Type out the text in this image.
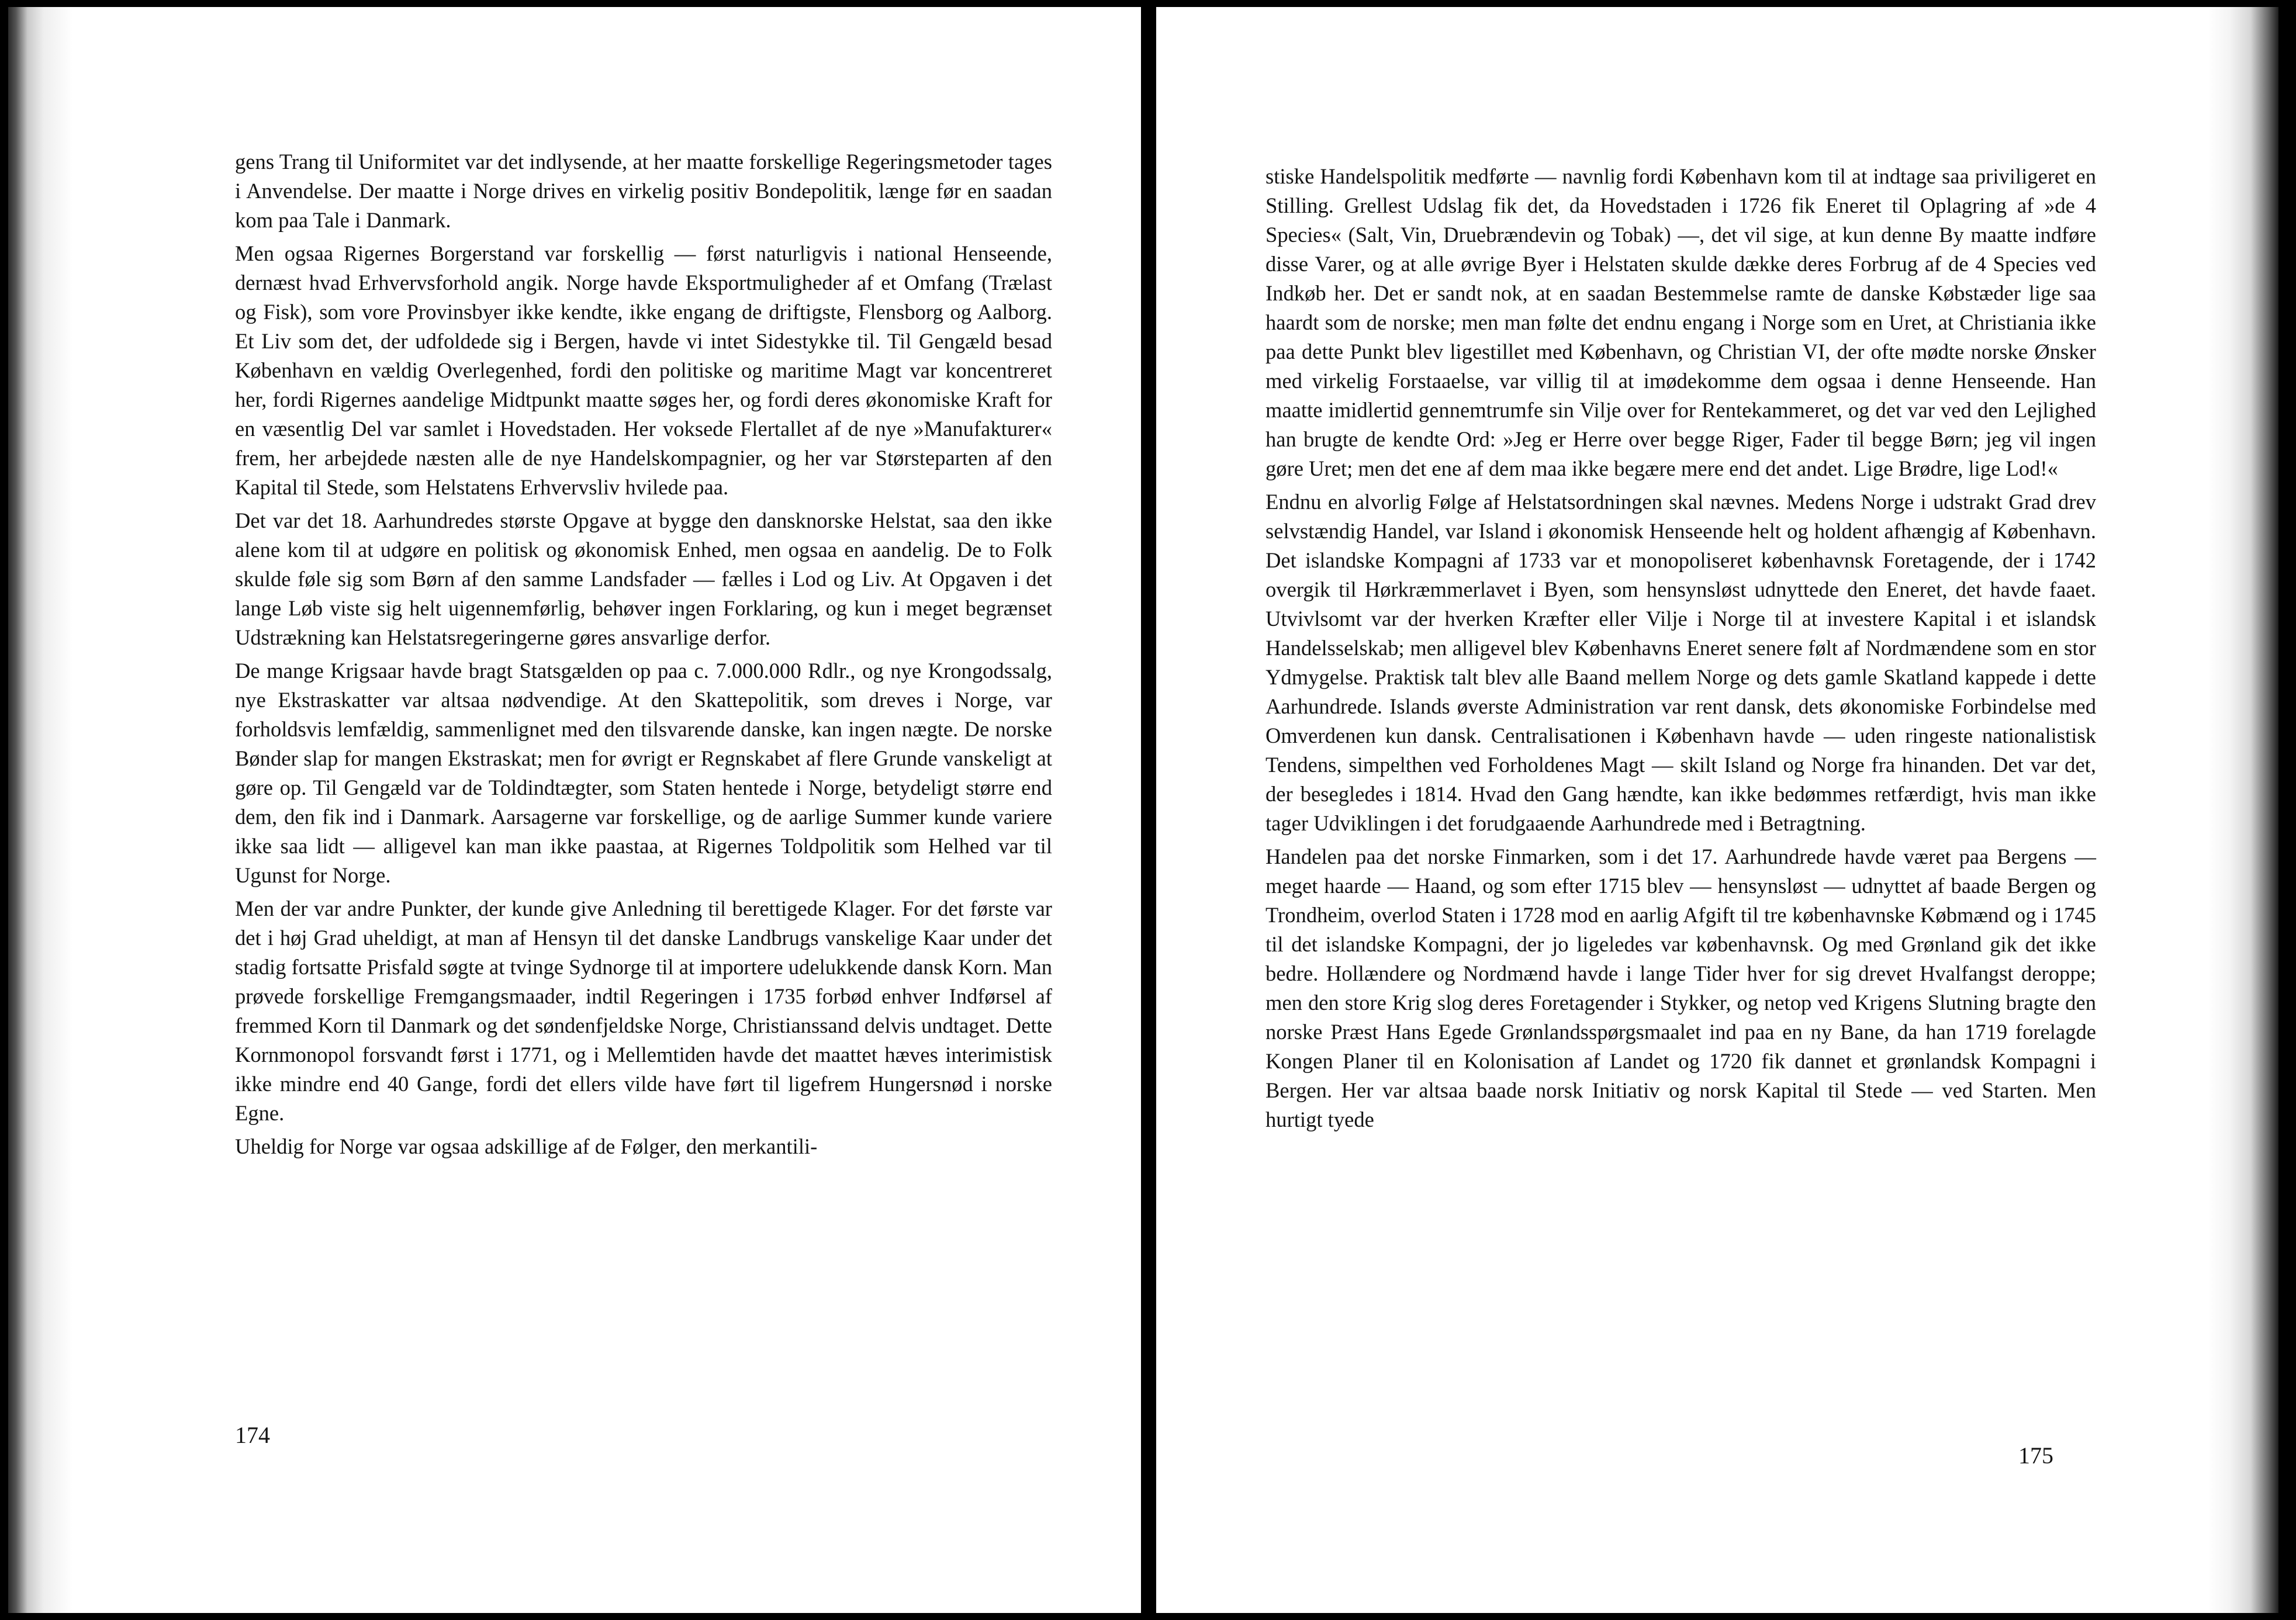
gens Trang til Uniformitet var det indlysende, at her maatte forskellige Regeringsmetoder tages i Anvendelse. Der maatte i Norge drives en virkelig positiv Bondepolitik, længe før en saadan kom paa Tale i Danmark.

Men ogsaa Rigernes Borgerstand var forskellig — først naturligvis i national Henseende, dernæst hvad Erhvervsforhold angik. Norge havde Eksportmuligheder af et Omfang (Trælast og Fisk), som vore Provinsbyer ikke kendte, ikke engang de driftigste, Flensborg og Aalborg. Et Liv som det, der udfoldede sig i Bergen, havde vi intet Sidestykke til. Til Gengæld besad København en vældig Overlegenhed, fordi den politiske og maritime Magt var koncentreret her, fordi Rigernes aandelige Midtpunkt maatte søges her, og fordi deres økonomiske Kraft for en væsentlig Del var samlet i Hovedstaden. Her voksede Flertallet af de nye »Manufakturer« frem, her arbejdede næsten alle de nye Handelskompagnier, og her var Størsteparten af den Kapital til Stede, som Helstatens Erhvervsliv hvilede paa.

Det var det 18. Aarhundredes største Opgave at bygge den dansknorske Helstat, saa den ikke alene kom til at udgøre en politisk og økonomisk Enhed, men ogsaa en aandelig. De to Folk skulde føle sig som Børn af den samme Landsfader — fælles i Lod og Liv. At Opgaven i det lange Løb viste sig helt uigennemførlig, behøver ingen Forklaring, og kun i meget begrænset Udstrækning kan Helstatsregeringerne gøres ansvarlige derfor.

De mange Krigsaar havde bragt Statsgælden op paa c. 7.000.000 Rdlr., og nye Krongodssalg, nye Ekstraskatter var altsaa nødvendige. At den Skattepolitik, som dreves i Norge, var forholdsvis lemfældig, sammenlignet med den tilsvarende danske, kan ingen nægte. De norske Bønder slap for mangen Ekstraskat; men for øvrigt er Regnskabet af flere Grunde vanskeligt at gøre op. Til Gengæld var de Toldindtægter, som Staten hentede i Norge, betydeligt større end dem, den fik ind i Danmark. Aarsagerne var forskellige, og de aarlige Summer kunde variere ikke saa lidt — alligevel kan man ikke paastaa, at Rigernes Toldpolitik som Helhed var til Ugunst for Norge.

Men der var andre Punkter, der kunde give Anledning til berettigede Klager. For det første var det i høj Grad uheldigt, at man af Hensyn til det danske Landbrugs vanskelige Kaar under det stadig fortsatte Prisfald søgte at tvinge Sydnorge til at importere udelukkende dansk Korn. Man prøvede forskellige Fremgangsmaader, indtil Regeringen i 1735 forbød enhver Indførsel af fremmed Korn til Danmark og det søndenfjeldske Norge, Christianssand delvis undtaget. Dette Kornmonopol forsvandt først i 1771, og i Mellemtiden havde det maattet hæves interimistisk ikke mindre end 40 Gange, fordi det ellers vilde have ført til ligefrem Hungersnød i norske Egne.

Uheldig for Norge var ogsaa adskillige af de Følger, den merkantili-

174

stiske Handelspolitik medførte — navnlig fordi København kom til at indtage saa priviligeret en Stilling. Grellest Udslag fik det, da Hovedstaden i 1726 fik Eneret til Oplagring af »de 4 Species« (Salt, Vin, Druebrændevin og Tobak) —, det vil sige, at kun denne By maatte indføre disse Varer, og at alle øvrige Byer i Helstaten skulde dække deres Forbrug af de 4 Species ved Indkøb her. Det er sandt nok, at en saadan Bestemmelse ramte de danske Købstæder lige saa haardt som de norske; men man følte det endnu engang i Norge som en Uret, at Christiania ikke paa dette Punkt blev ligestillet med København, og Christian VI, der ofte mødte norske Ønsker med virkelig Forstaaelse, var villig til at imødekomme dem ogsaa i denne Henseende. Han maatte imidlertid gennemtrumfe sin Vilje over for Rentekammeret, og det var ved den Lejlighed han brugte de kendte Ord: »Jeg er Herre over begge Riger, Fader til begge Børn; jeg vil ingen gøre Uret; men det ene af dem maa ikke begære mere end det andet. Lige Brødre, lige Lod!«

Endnu en alvorlig Følge af Helstatsordningen skal nævnes. Medens Norge i udstrakt Grad drev selvstændig Handel, var Island i økonomisk Henseende helt og holdent afhængig af København. Det islandske Kompagni af 1733 var et monopoliseret københavnsk Foretagende, der i 1742 overgik til Hørkræmmerlavet i Byen, som hensynsløst udnyttede den Eneret, det havde faaet. Utvivlsomt var der hverken Kræfter eller Vilje i Norge til at investere Kapital i et islandsk Handelsselskab; men alligevel blev Københavns Eneret senere følt af Nordmændene som en stor Ydmygelse. Praktisk talt blev alle Baand mellem Norge og dets gamle Skatland kappede i dette Aarhundrede. Islands øverste Administration var rent dansk, dets økonomiske Forbindelse med Omverdenen kun dansk. Centralisationen i København havde — uden ringeste nationalistisk Tendens, simpelthen ved Forholdenes Magt — skilt Island og Norge fra hinanden. Det var det, der besegledes i 1814. Hvad den Gang hændte, kan ikke bedømmes retfærdigt, hvis man ikke tager Udviklingen i det forudgaaende Aarhundrede med i Betragtning.

Handelen paa det norske Finmarken, som i det 17. Aarhundrede havde været paa Bergens — meget haarde — Haand, og som efter 1715 blev — hensynsløst — udnyttet af baade Bergen og Trondheim, overlod Staten i 1728 mod en aarlig Afgift til tre københavnske Købmænd og i 1745 til det islandske Kompagni, der jo ligeledes var københavnsk. Og med Grønland gik det ikke bedre. Hollændere og Nordmænd havde i lange Tider hver for sig drevet Hvalfangst deroppe; men den store Krig slog deres Foretagender i Stykker, og netop ved Krigens Slutning bragte den norske Præst Hans Egede Grønlandsspørgsmaalet ind paa en ny Bane, da han 1719 forelagde Kongen Planer til en Kolonisation af Landet og 1720 fik dannet et grønlandsk Kompagni i Bergen. Her var altsaa baade norsk Initiativ og norsk Kapital til Stede — ved Starten. Men hurtigt tyede

175
